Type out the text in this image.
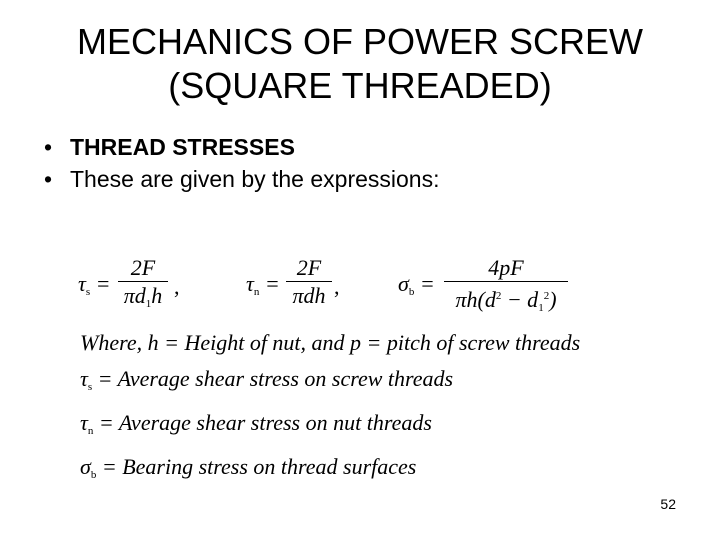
MECHANICS OF POWER SCREW
(SQUARE THREADED)
• THREAD STRESSES
• These are given by the expressions:
$\tau_s = \frac{2F}{\pi d_1h}$ ,	$\tau_n$ =
2F
πdh ,	$\sigma_b = \frac{4pF}{\pi h(d^2 - d_1^2)}$
Where, h = Height of nut, and p = pitch of screw threads
$\tau_s$ = Average shear stress on screw threads
$\tau_n$ = Average shear stress on nut threads
$\sigma_b$ = Bearing stress on thread surfaces
52
